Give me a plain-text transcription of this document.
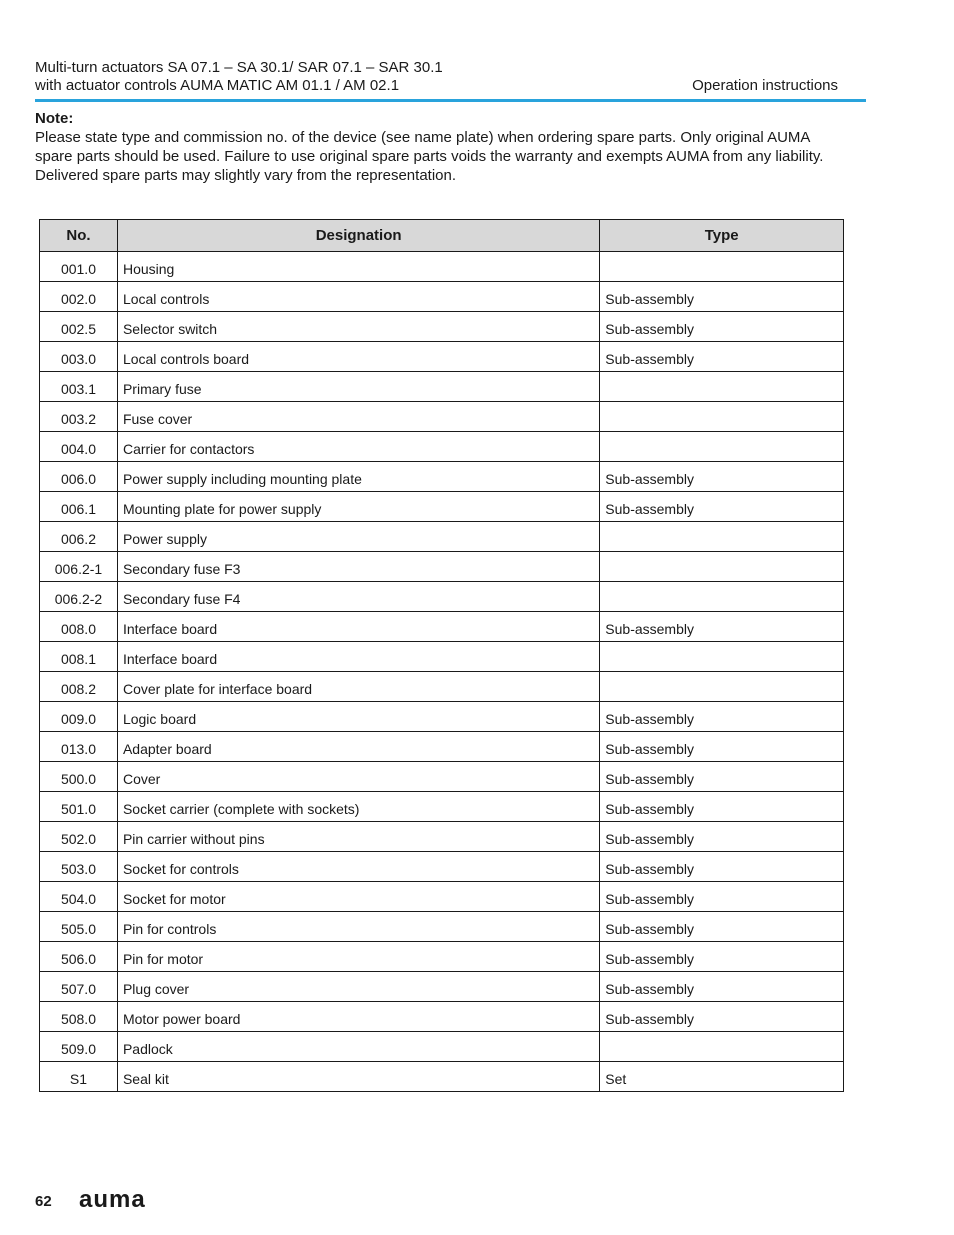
Multi-turn actuators SA 07.1 – SA 30.1/ SAR 07.1 – SAR 30.1
with actuator controls AUMA MATIC AM 01.1 / AM 02.1	Operation instructions
Note:
Please state type and commission no. of the device (see name plate) when ordering spare parts. Only original AUMA
spare parts should be used. Failure to use original spare parts voids the warranty and exempts AUMA from any liability.
Delivered spare parts may slightly vary from the representation.
No.	Designation	Type
001.0	Housing	
002.0	Local controls	Sub-assembly
002.5	Selector switch	Sub-assembly
003.0	Local controls board	Sub-assembly
003.1	Primary fuse	
003.2	Fuse cover	
004.0	Carrier for contactors	
006.0	Power supply including mounting plate	Sub-assembly
006.1	Mounting plate for power supply	Sub-assembly
006.2	Power supply	
006.2-1	Secondary fuse F3	
006.2-2	Secondary fuse F4	
008.0	Interface board	Sub-assembly
008.1	Interface board	
008.2	Cover plate for interface board	
009.0	Logic board	Sub-assembly
013.0	Adapter board	Sub-assembly
500.0	Cover	Sub-assembly
501.0	Socket carrier (complete with sockets)	Sub-assembly
502.0	Pin carrier without pins	Sub-assembly
503.0	Socket for controls	Sub-assembly
504.0	Socket for motor	Sub-assembly
505.0	Pin for controls	Sub-assembly
506.0	Pin for motor	Sub-assembly
507.0	Plug cover	Sub-assembly
508.0	Motor power board	Sub-assembly
509.0	Padlock	
S1	Seal kit	Set
62 auma
